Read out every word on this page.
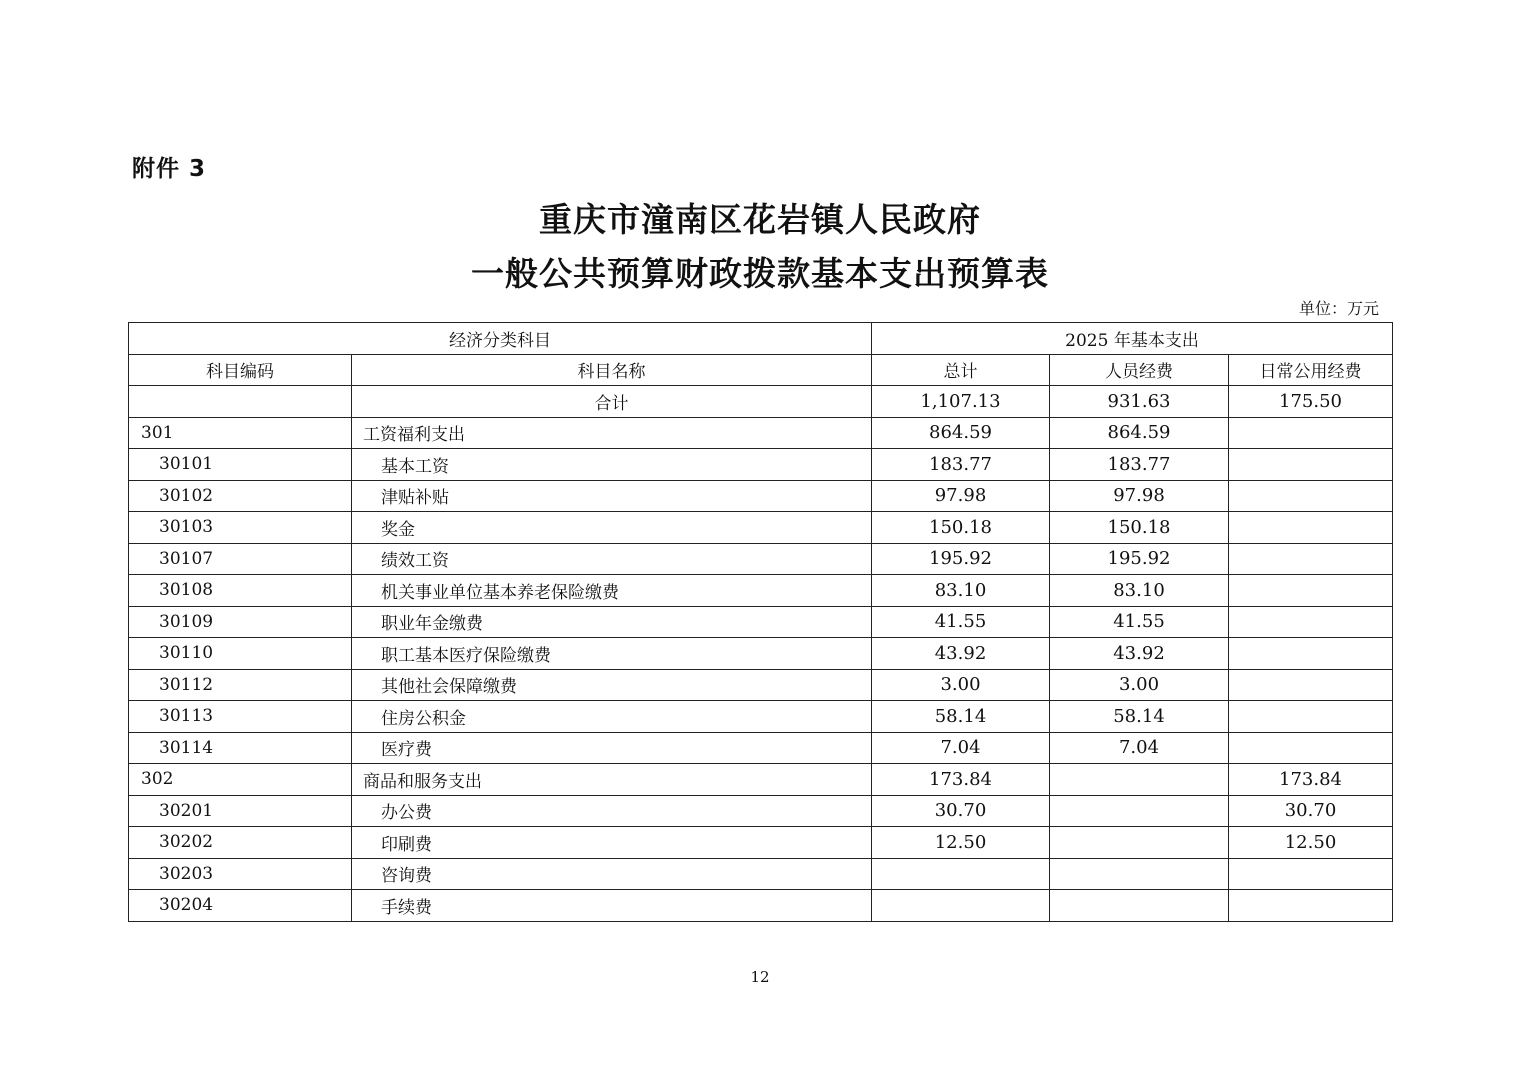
附件 3
重庆市潼南区花岩镇人民政府
一般公共预算财政拨款基本支出预算表
单位：万元
经济分类科目		2025 年基本支出		
科目编码	科目名称	总计	人员经费	日常公用经费
	合计	1,107.13	931.63	175.50
301	工资福利支出	864.59	864.59	
30101	基本工资	183.77	183.77	
30102	津贴补贴	97.98	97.98	
30103	奖金	150.18	150.18	
30107	绩效工资	195.92	195.92	
30108	机关事业单位基本养老保险缴费	83.10	83.10	
30109	职业年金缴费	41.55	41.55	
30110	职工基本医疗保险缴费	43.92	43.92	
30112	其他社会保障缴费	3.00	3.00	
30113	住房公积金	58.14	58.14	
30114	医疗费	7.04	7.04	
302	商品和服务支出	173.84		173.84
30201	办公费	30.70		30.70
30202	印刷费	12.50		12.50
30203	咨询费			
30204	手续费			
12
